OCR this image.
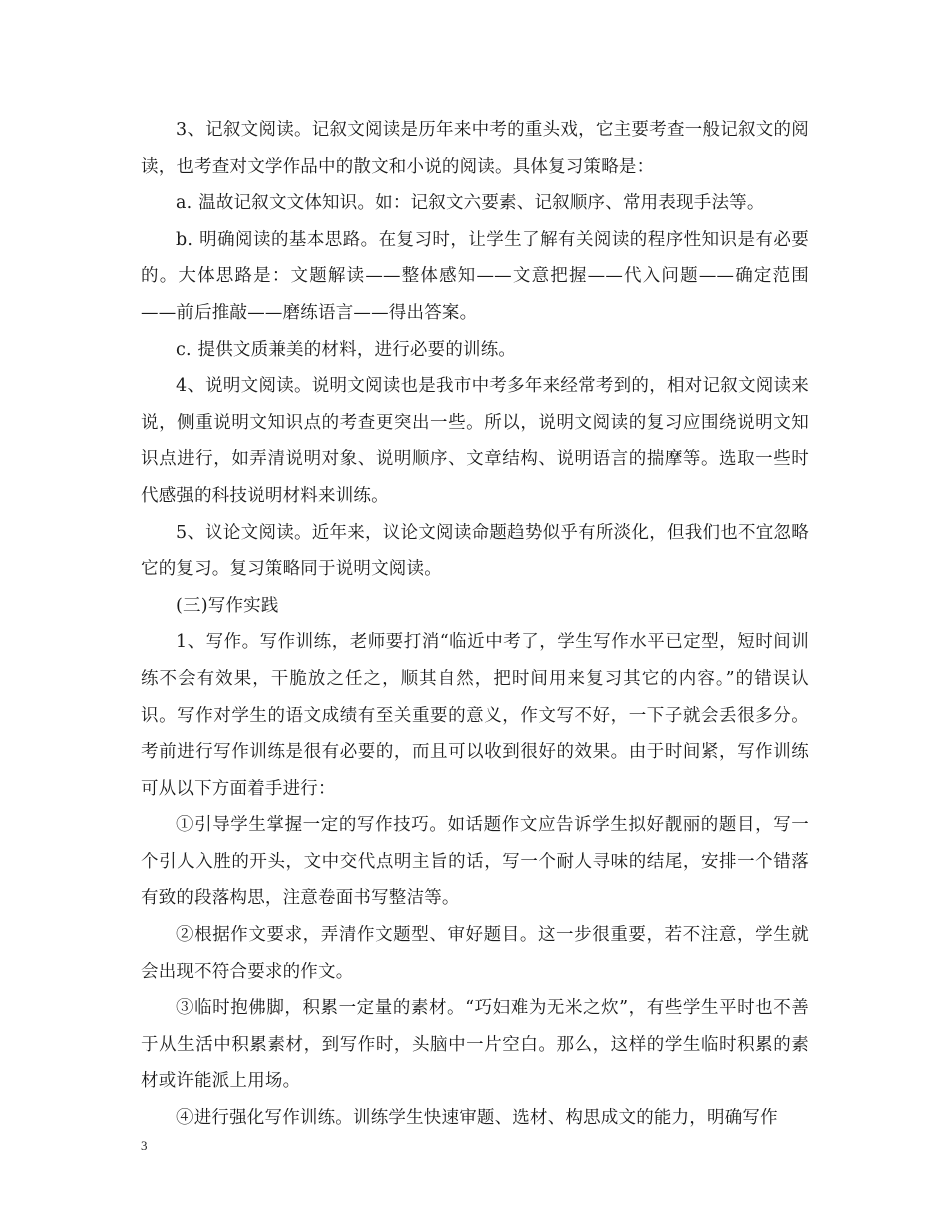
3、记叙文阅读。记叙文阅读是历年来中考的重头戏，它主要考查一般记叙文的阅读，也考查对文学作品中的散文和小说的阅读。具体复习策略是：

a. 温故记叙文文体知识。如：记叙文六要素、记叙顺序、常用表现手法等。

b. 明确阅读的基本思路。在复习时，让学生了解有关阅读的程序性知识是有必要的。大体思路是：文题解读——整体感知——文意把握——代入问题——确定范围——前后推敲——磨练语言——得出答案。

c. 提供文质兼美的材料，进行必要的训练。

4、说明文阅读。说明文阅读也是我市中考多年来经常考到的，相对记叙文阅读来说，侧重说明文知识点的考查更突出一些。所以，说明文阅读的复习应围绕说明文知识点进行，如弄清说明对象、说明顺序、文章结构、说明语言的揣摩等。选取一些时代感强的科技说明材料来训练。

5、议论文阅读。近年来，议论文阅读命题趋势似乎有所淡化，但我们也不宜忽略它的复习。复习策略同于说明文阅读。

(三)写作实践

1、写作。写作训练，老师要打消“临近中考了，学生写作水平已定型，短时间训练不会有效果，干脆放之任之，顺其自然，把时间用来复习其它的内容。”的错误认识。写作对学生的语文成绩有至关重要的意义，作文写不好，一下子就会丢很多分。考前进行写作训练是很有必要的，而且可以收到很好的效果。由于时间紧，写作训练可从以下方面着手进行：

①引导学生掌握一定的写作技巧。如话题作文应告诉学生拟好靓丽的题目，写一个引人入胜的开头，文中交代点明主旨的话，写一个耐人寻味的结尾，安排一个错落有致的段落构思，注意卷面书写整洁等。

②根据作文要求，弄清作文题型、审好题目。这一步很重要，若不注意，学生就会出现不符合要求的作文。

③临时抱佛脚，积累一定量的素材。“巧妇难为无米之炊”，有些学生平时也不善于从生活中积累素材，到写作时，头脑中一片空白。那么，这样的学生临时积累的素材或许能派上用场。

④进行强化写作训练。训练学生快速审题、选材、构思成文的能力，明确写作

3
